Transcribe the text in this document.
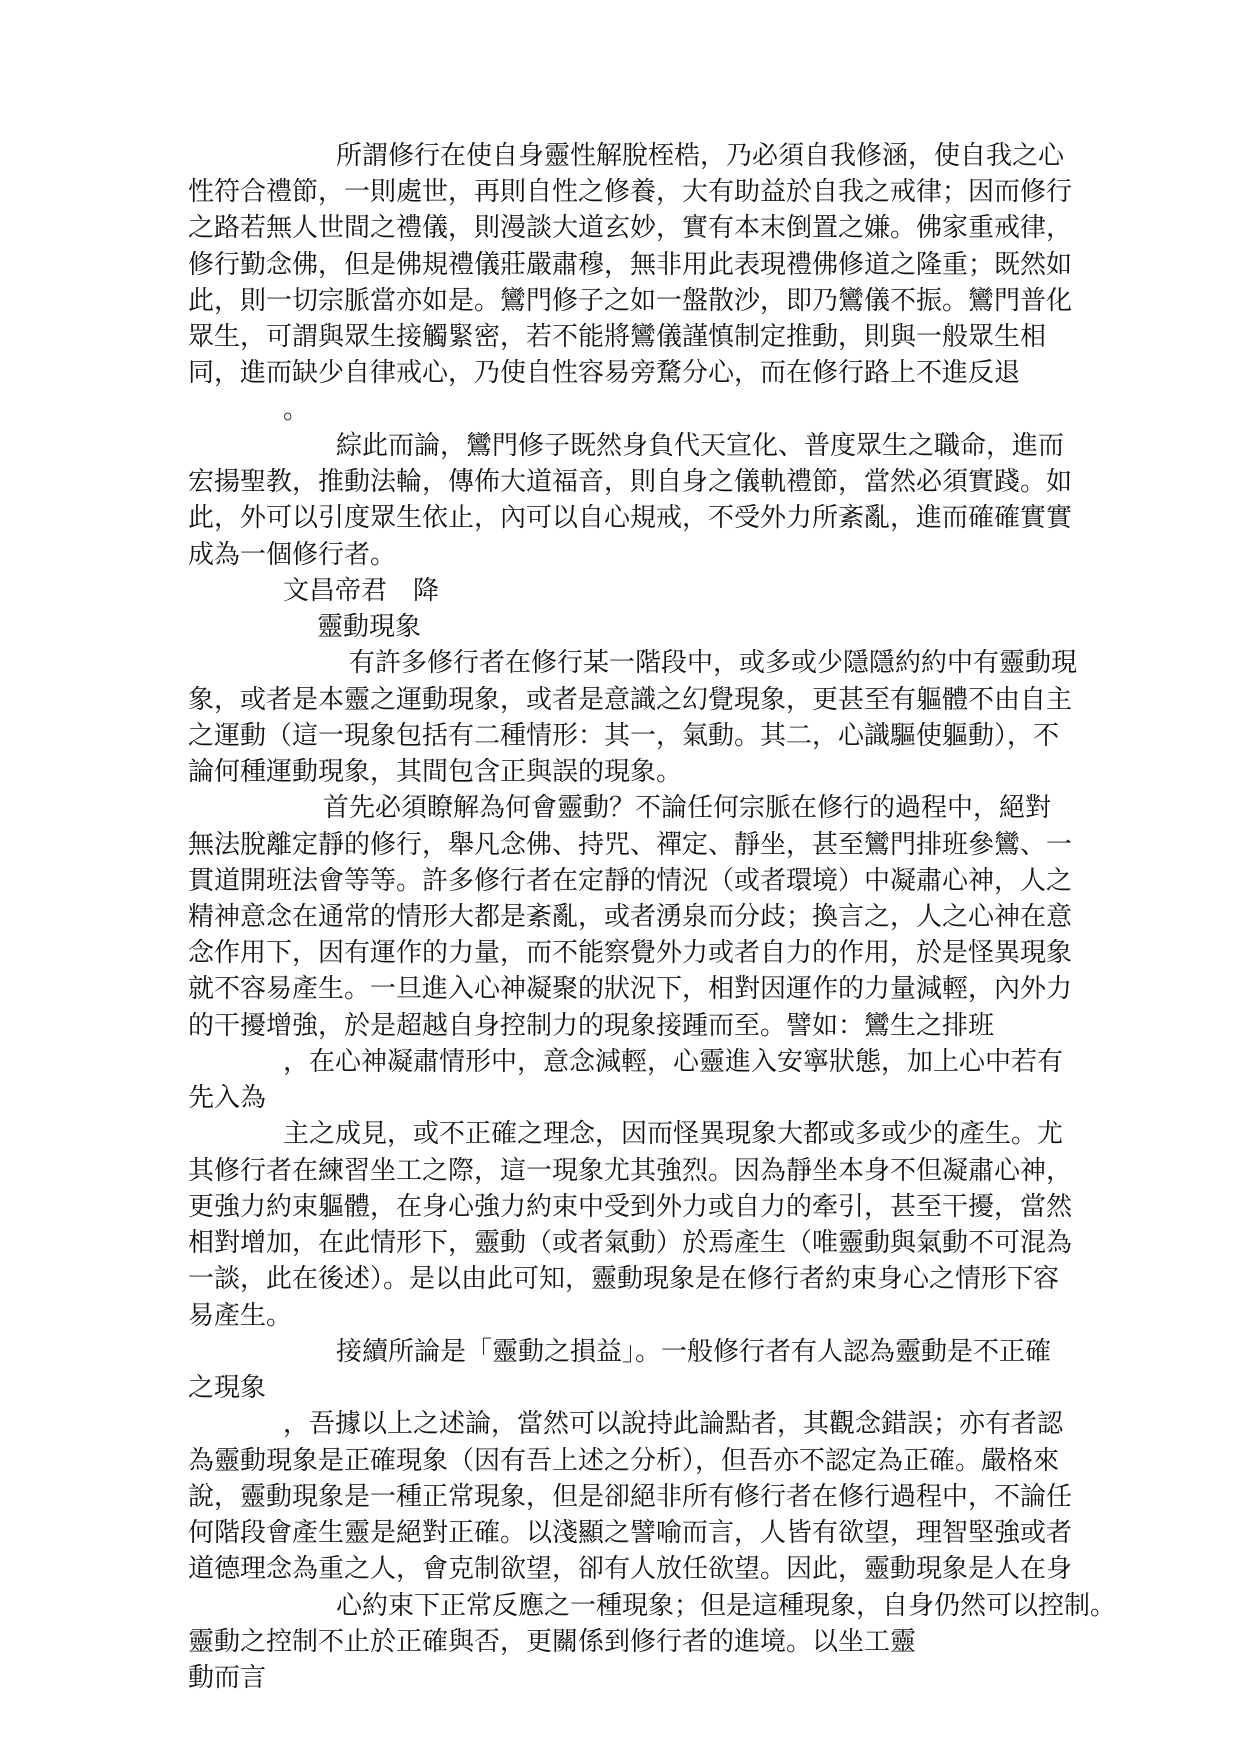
所謂修行在使自身靈性解脫桎梏，乃必須自我修涵，使自我之心
性符合禮節，一則處世，再則自性之修養，大有助益於自我之戒律；因而修行
之路若無人世間之禮儀，則漫談大道玄妙，實有本末倒置之嫌。佛家重戒律，
修行勤念佛，但是佛規禮儀莊嚴肅穆，無非用此表現禮佛修道之隆重；既然如
此，則一切宗脈當亦如是。鸞門修子之如一盤散沙，即乃鸞儀不振。鸞門普化
眾生，可謂與眾生接觸緊密，若不能將鸞儀謹慎制定推動，則與一般眾生相
同，進而缺少自律戒心，乃使自性容易旁騖分心，而在修行路上不進反退
。
綜此而論，鸞門修子既然身負代天宣化、普度眾生之職命，進而
宏揚聖教，推動法輪，傳佈大道福音，則自身之儀軌禮節，當然必須實踐。如
此，外可以引度眾生依止，內可以自心規戒，不受外力所紊亂，進而確確實實
成為一個修行者。
文昌帝君　降
靈動現象
有許多修行者在修行某一階段中，或多或少隱隱約約中有靈動現
象，或者是本靈之運動現象，或者是意識之幻覺現象，更甚至有軀體不由自主
之運動（這一現象包括有二種情形：其一，氣動。其二，心識驅使軀動），不
論何種運動現象，其間包含正與誤的現象。
首先必須瞭解為何會靈動？不論任何宗脈在修行的過程中，絕對
無法脫離定靜的修行，舉凡念佛、持咒、禪定、靜坐，甚至鸞門排班參鸞、一
貫道開班法會等等。許多修行者在定靜的情況（或者環境）中凝肅心神，人之
精神意念在通常的情形大都是紊亂，或者湧泉而分歧；換言之，人之心神在意
念作用下，因有運作的力量，而不能察覺外力或者自力的作用，於是怪異現象
就不容易產生。一旦進入心神凝聚的狀況下，相對因運作的力量減輕，內外力
的干擾增強，於是超越自身控制力的現象接踵而至。譬如：鸞生之排班
，在心神凝肅情形中，意念減輕，心靈進入安寧狀態，加上心中若有
先入為
主之成見，或不正確之理念，因而怪異現象大都或多或少的產生。尤
其修行者在練習坐工之際，這一現象尤其強烈。因為靜坐本身不但凝肅心神，
更強力約束軀體，在身心強力約束中受到外力或自力的牽引，甚至干擾，當然
相對增加，在此情形下，靈動（或者氣動）於焉產生（唯靈動與氣動不可混為
一談，此在後述）。是以由此可知，靈動現象是在修行者約束身心之情形下容
易產生。
接續所論是「靈動之損益」。一般修行者有人認為靈動是不正確
之現象
，吾據以上之述論，當然可以說持此論點者，其觀念錯誤；亦有者認
為靈動現象是正確現象（因有吾上述之分析），但吾亦不認定為正確。嚴格來
說，靈動現象是一種正常現象，但是卻絕非所有修行者在修行過程中，不論任
何階段會產生靈是絕對正確。以淺顯之譬喻而言，人皆有欲望，理智堅強或者
道德理念為重之人，會克制欲望，卻有人放任欲望。因此，靈動現象是人在身
心約束下正常反應之一種現象；但是這種現象，自身仍然可以控制。
靈動之控制不止於正確與否，更關係到修行者的進境。以坐工靈
動而言
